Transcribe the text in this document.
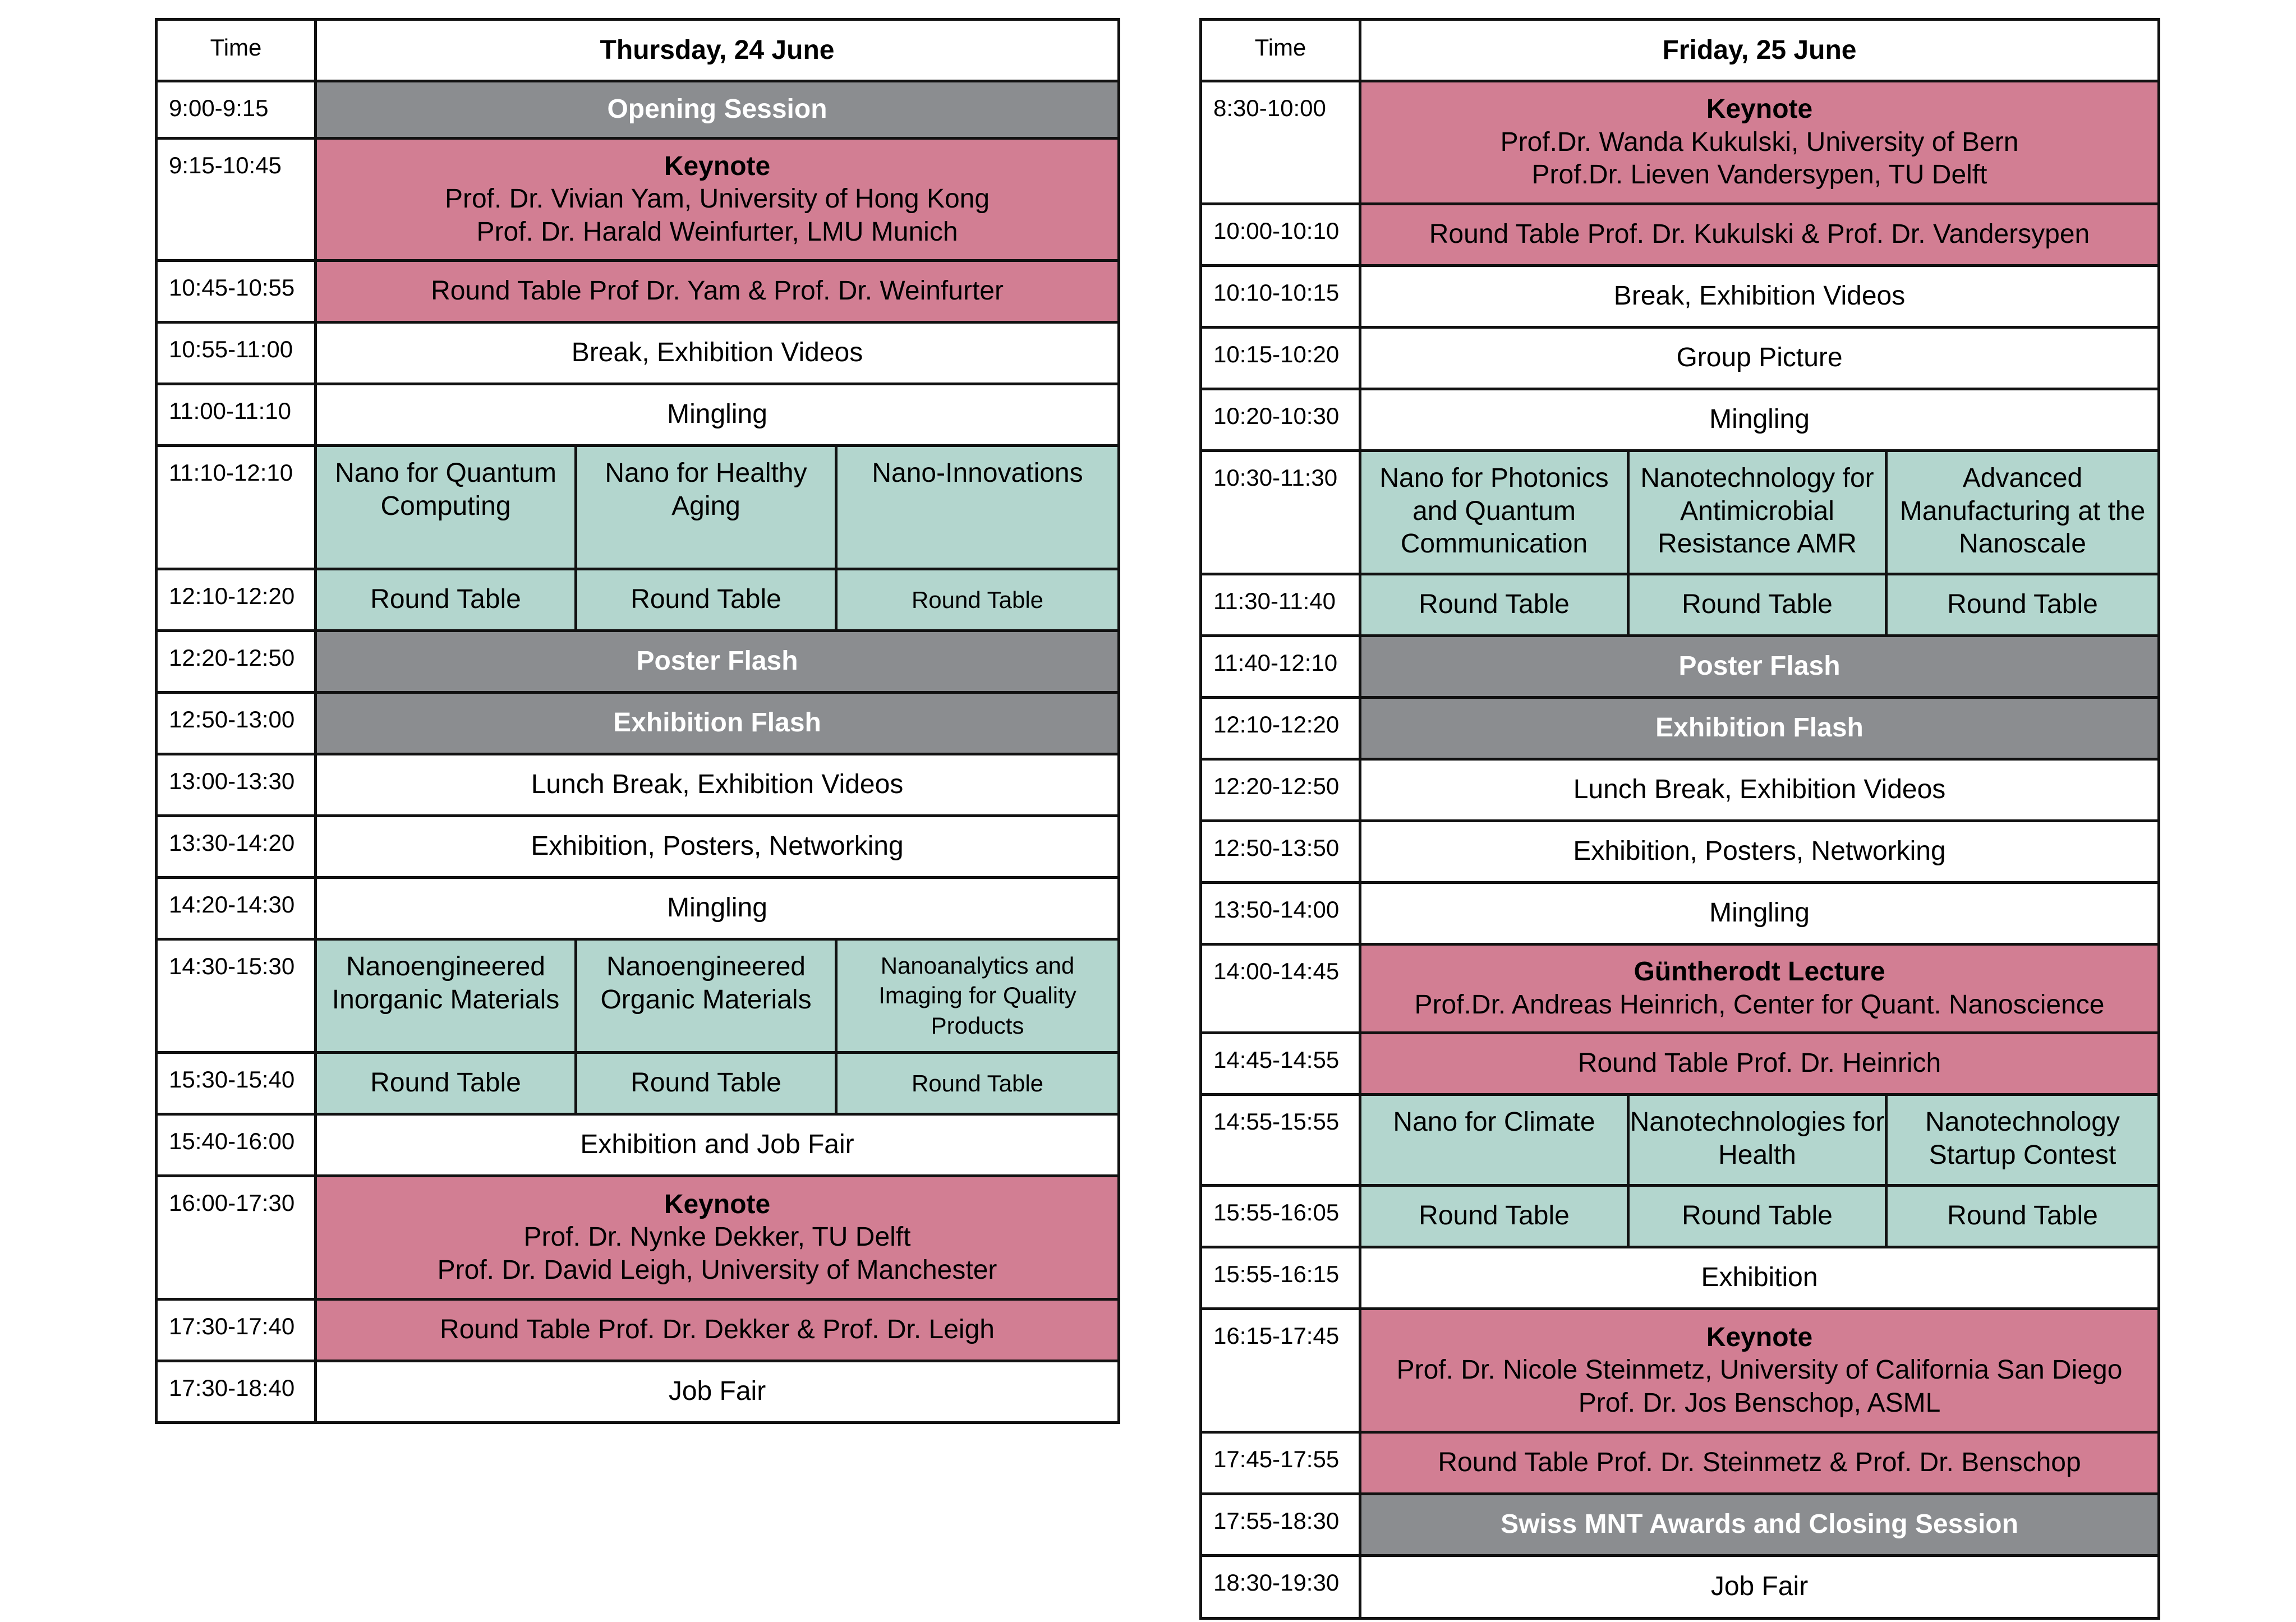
Time	Thursday, 24 June		
9:00-9:15	Opening Session		
9:15-10:45	Keynote
Prof. Dr. Vivian Yam, University of Hong Kong
Prof. Dr. Harald Weinfurter, LMU Munich		

10:45-10:55	Round Table Prof Dr. Yam & Prof. Dr. Weinfurter		
10:55-11:00	Break, Exhibition Videos		
11:00-11:10	Mingling		
11:10-12:10	Nano for Quantum Computing	Nano for Healthy Aging	Nano-Innovations
12:10-12:20	Round Table	Round Table	Round Table
12:20-12:50	Poster Flash		
12:50-13:00	Exhibition Flash		
13:00-13:30	Lunch Break, Exhibition Videos		
13:30-14:20	Exhibition, Posters, Networking		
14:20-14:30	Mingling		
14:30-15:30	Nanoengineered Inorganic Materials	Nanoengineered Organic Materials	Nanoanalytics and Imaging for Quality Products
15:30-15:40	Round Table	Round Table	Round Table
15:40-16:00	Exhibition and Job Fair		
16:00-17:30	Keynote
Prof. Dr. Nynke Dekker, TU Delft
Prof. Dr. David Leigh, University of Manchester		

17:30-17:40	Round Table Prof. Dr. Dekker & Prof. Dr. Leigh		
17:30-18:40	Job Fair		
Time	Friday, 25 June		
8:30-10:00	Keynote
Prof.Dr. Wanda Kukulski, University of Bern
Prof.Dr. Lieven Vandersypen, TU Delft		

10:00-10:10	Round Table Prof. Dr. Kukulski & Prof. Dr. Vandersypen		
10:10-10:15	Break, Exhibition Videos		
10:15-10:20	Group Picture		
10:20-10:30	Mingling		
10:30-11:30	Nano for Photonics and Quantum Communication	Nanotechnology for Antimicrobial Resistance AMR	Advanced Manufacturing at the Nanoscale
11:30-11:40	Round Table	Round Table	Round Table
11:40-12:10	Poster Flash		
12:10-12:20	Exhibition Flash		
12:20-12:50	Lunch Break, Exhibition Videos		
12:50-13:50	Exhibition, Posters, Networking		
13:50-14:00	Mingling		
14:00-14:45	Güntherodt Lecture
Prof.Dr. Andreas Heinrich, Center for Quant. Nanoscience		

14:45-14:55	Round Table Prof. Dr. Heinrich		
14:55-15:55	Nano for Climate	Nanotechnologies for Health	Nanotechnology Startup Contest
15:55-16:05	Round Table	Round Table	Round Table
15:55-16:15	Exhibition		
16:15-17:45	Keynote
Prof. Dr. Nicole Steinmetz, University of California San Diego
Prof. Dr. Jos Benschop, ASML		

17:45-17:55	Round Table Prof. Dr. Steinmetz & Prof. Dr. Benschop		
17:55-18:30	Swiss MNT Awards and Closing Session		
18:30-19:30	Job Fair		
